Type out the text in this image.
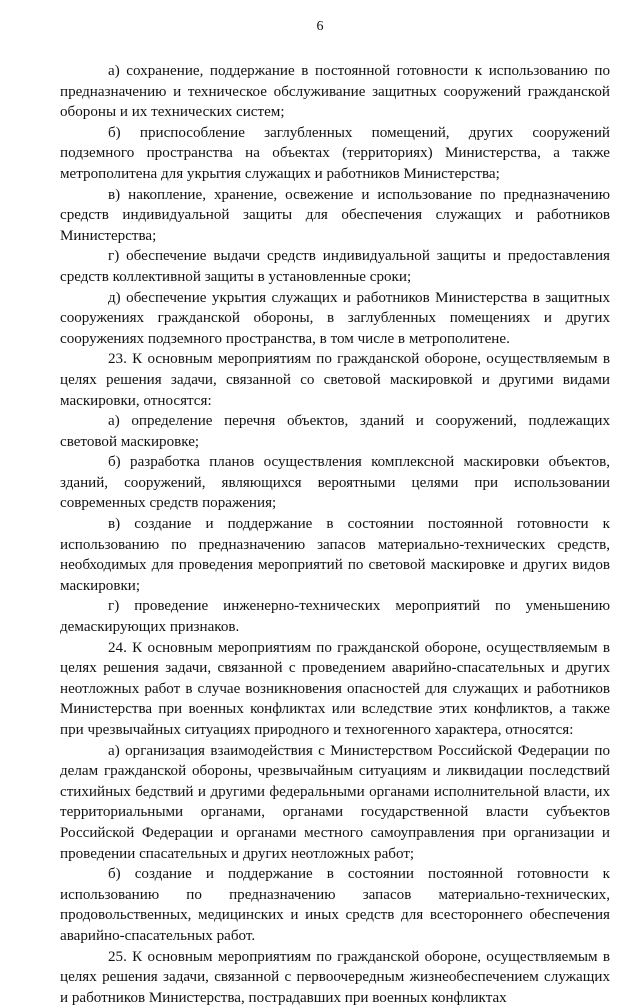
6

а) сохранение, поддержание в постоянной готовности к использованию по предназначению и техническое обслуживание защитных сооружений гражданской обороны и их технических систем;

б) приспособление заглубленных помещений, других сооружений подземного пространства на объектах (территориях) Министерства, а также метрополитена для укрытия служащих и работников Министерства;

в) накопление, хранение, освежение и использование по предназначению средств индивидуальной защиты для обеспечения служащих и работников Министерства;

г) обеспечение выдачи средств индивидуальной защиты и предоставления средств коллективной защиты в установленные сроки;

д) обеспечение укрытия служащих и работников Министерства в защитных сооружениях гражданской обороны, в заглубленных помещениях и других сооружениях подземного пространства, в том числе в метрополитене.

23. К основным мероприятиям по гражданской обороне, осуществляемым в целях решения задачи, связанной со световой маскировкой и другими видами маскировки, относятся:

а) определение перечня объектов, зданий и сооружений, подлежащих световой маскировке;

б) разработка планов осуществления комплексной маскировки объектов, зданий, сооружений, являющихся вероятными целями при использовании современных средств поражения;

в) создание и поддержание в состоянии постоянной готовности к использованию по предназначению запасов материально-технических средств, необходимых для проведения мероприятий по световой маскировке и других видов маскировки;

г) проведение инженерно-технических мероприятий по уменьшению демаскирующих признаков.

24. К основным мероприятиям по гражданской обороне, осуществляемым в целях решения задачи, связанной с проведением аварийно-спасательных и других неотложных работ в случае возникновения опасностей для служащих и работников Министерства при военных конфликтах или вследствие этих конфликтов, а также при чрезвычайных ситуациях природного и техногенного характера, относятся:

а) организация взаимодействия с Министерством Российской Федерации по делам гражданской обороны, чрезвычайным ситуациям и ликвидации последствий стихийных бедствий и другими федеральными органами исполнительной власти, их территориальными органами, органами государственной власти субъектов Российской Федерации и органами местного самоуправления при организации и проведении спасательных и других неотложных работ;

б) создание и поддержание в состоянии постоянной готовности к использованию по предназначению запасов материально-технических, продовольственных, медицинских и иных средств для всестороннего обеспечения аварийно-спасательных работ.

25. К основным мероприятиям по гражданской обороне, осуществляемым в целях решения задачи, связанной с первоочередным жизнеобеспечением служащих и работников Министерства, пострадавших при военных конфликтах
